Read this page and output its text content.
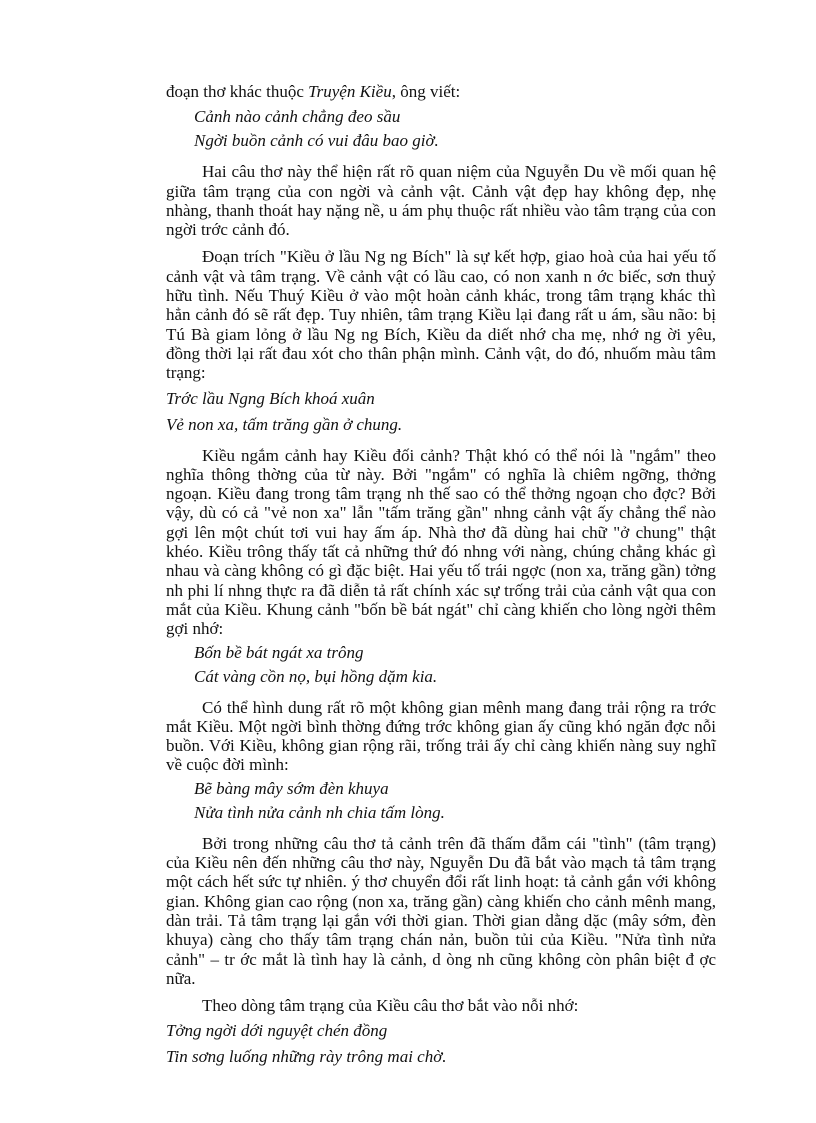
đoạn thơ khác thuộc Truyện Kiều, ông viết:

Cảnh nào cảnh chẳng đeo sầu

Ngời buồn cảnh có vui đâu bao giờ.

Hai câu thơ này thể hiện rất rõ quan niệm của Nguyễn Du về mối quan hệ giữa tâm trạng của con ngời và cảnh vật. Cảnh vật đẹp hay không đẹp, nhẹ nhàng, thanh thoát hay nặng nề, u ám phụ thuộc rất nhiều vào tâm trạng của con ngời trớc cảnh đó.

Đoạn trích "Kiều ở lầu Ng ng Bích" là sự kết hợp, giao hoà của hai yếu tố cảnh vật và tâm trạng. Về cảnh vật có lầu cao, có non xanh n ớc biếc, sơn thuỷ hữu tình. Nếu Thuý Kiều ở vào một hoàn cảnh khác, trong tâm trạng khác thì hẳn cảnh đó sẽ rất đẹp. Tuy nhiên, tâm trạng Kiều lại đang rất u ám, sầu não: bị Tú Bà giam lỏng ở lầu Ng ng Bích, Kiều da diết nhớ cha mẹ, nhớ ng ời yêu, đồng thời lại rất đau xót cho thân phận mình. Cảnh vật, do đó, nhuốm màu tâm trạng:

Trớc lầu Ngng Bích khoá xuân

Vẻ non xa, tấm trăng gần ở chung.

Kiều ngắm cảnh hay Kiều đối cảnh? Thật khó có thể nói là "ngắm" theo nghĩa thông thờng của từ này. Bởi "ngắm" có nghĩa là chiêm ngỡng, thởng ngoạn. Kiều đang trong tâm trạng nh thế sao có thể thởng ngoạn cho đợc? Bởi vậy, dù có cả "vẻ non xa" lẫn "tấm trăng gần" nhng cảnh vật ấy chẳng thể nào gợi lên một chút tơi vui hay ấm áp. Nhà thơ đã dùng hai chữ "ở chung" thật khéo. Kiều trông thấy tất cả những thứ đó nhng với nàng, chúng chẳng khác gì nhau và càng không có gì đặc biệt. Hai yếu tố trái ngợc (non xa, trăng gần) tởng nh phi lí nhng thực ra đã diễn tả rất chính xác sự trống trải của cảnh vật qua con mắt của Kiều. Khung cảnh "bốn bề bát ngát" chỉ càng khiến cho lòng ngời thêm gợi nhớ:

Bốn bề bát ngát xa trông

Cát vàng cồn nọ, bụi hồng dặm kia.

Có thể hình dung rất rõ một không gian mênh mang đang trải rộng ra trớc mắt Kiều. Một ngời bình thờng đứng trớc không gian ấy cũng khó ngăn đợc nỗi buồn. Với Kiều, không gian rộng rãi, trống trải ấy chỉ càng khiến nàng suy nghĩ về cuộc đời mình:

Bẽ bàng mây sớm đèn khuya

Nửa tình nửa cảnh nh chia tấm lòng.

Bởi trong những câu thơ tả cảnh trên đã thấm đẫm cái "tình" (tâm trạng) của Kiều nên đến những câu thơ này, Nguyễn Du đã bắt vào mạch tả tâm trạng một cách hết sức tự nhiên. ý thơ chuyển đổi rất linh hoạt: tả cảnh gắn với không gian. Không gian cao rộng (non xa, trăng gần) càng khiến cho cảnh mênh mang, dàn trải. Tả tâm trạng lại gắn với thời gian. Thời gian dằng dặc (mây sớm, đèn khuya) càng cho thấy tâm trạng chán nản, buồn tủi của Kiều. "Nửa tình nửa cảnh" – tr ớc mắt là tình hay là cảnh, d òng nh cũng không còn phân biệt đ ợc nữa.

Theo dòng tâm trạng của Kiều câu thơ bắt vào nỗi nhớ:

Tởng ngời dới nguyệt chén đồng

Tin sơng luống những rày trông mai chờ.
